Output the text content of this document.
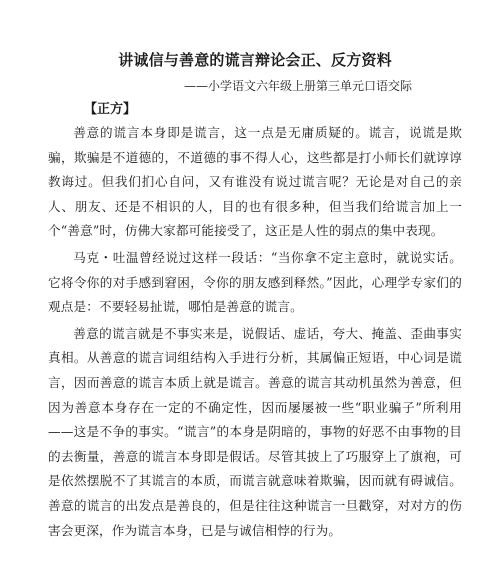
讲诚信与善意的谎言辩论会正、反方资料
——小学语文六年级上册第三单元口语交际
【正方】

善意的谎言本身即是谎言，这一点是无庸质疑的。谎言，说谎是欺骗，欺骗是不道德的，不道德的事不得人心，这些都是打小师长们就谆谆教诲过。但我们扪心自问，又有谁没有说过谎言呢？无论是对自己的亲人、朋友、还是不相识的人，目的也有很多种，但当我们给谎言加上一个“善意”时，仿佛大家都可能接受了，这正是人性的弱点的集中表现。

马克・吐温曾经说过这样一段话：“当你拿不定主意时，就说实话。它将令你的对手感到窘困，令你的朋友感到释然。”因此，心理学专家们的观点是：不要轻易扯谎，哪怕是善意的谎言。

善意的谎言就是不事实来是，说假话、虚话，夸大、掩盖、歪曲事实真相。从善意的谎言词组结构入手进行分析，其属偏正短语，中心词是谎言，因而善意的谎言本质上就是谎言。善意的谎言其动机虽然为善意，但因为善意本身存在一定的不确定性，因而屡屡被一些“职业骗子”所利用——这是不争的事实。“谎言”的本身是阴暗的，事物的好恶不由事物的目的去衡量，善意的谎言本身即是假话。尽管其披上了巧服穿上了旗袍，可是依然摆脱不了其谎言的本质，而谎言就意味着欺骗，因而就有碍诚信。善意的谎言的出发点是善良的，但是往往这种谎言一旦戳穿，对对方的伤害会更深，作为谎言本身，已是与诚信相悖的行为。
